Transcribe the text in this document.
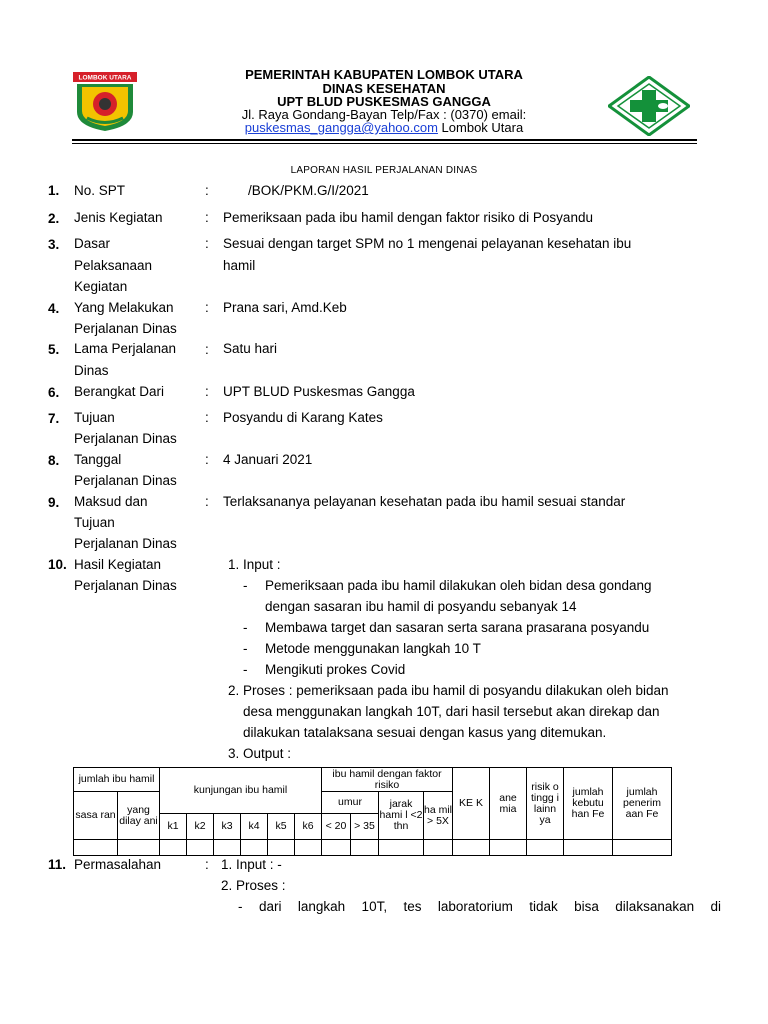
LOMBOK UTARA	PEMERINTAH KABUPATEN LOMBOK UTARA
DINAS KESEHATAN
UPT BLUD PUSKESMAS GANGGA
Jl. Raya Gondang-Bayan Telp/Fax : (0370) email:
puskesmas_gangga@yahoo.com Lombok Utara
LAPORAN HASIL PERJALANAN DINAS
1. No. SPT	:	/BOK/PKM.G/I/2021
2. Jenis Kegiatan	: Pemeriksaan pada ibu hamil dengan faktor risiko di Posyandu
3. Dasar
Pelaksanaan
Kegiatan
: Sesuai dengan target SPM no 1 mengenai pelayanan kesehatan ibu
hamil
4. Yang Melakukan
Perjalanan Dinas
: Prana sari, Amd.Keb
5. Lama Perjalanan
Dinas
: Satu hari
6. Berangkat Dari	: UPT BLUD Puskesmas Gangga
7. Tujuan
Perjalanan Dinas
: Posyandu di Karang Kates
8. Tanggal
Perjalanan Dinas
: 4 Januari 2021
9. Maksud dan
Tujuan
Perjalanan Dinas
: Terlaksananya pelayanan kesehatan pada ibu hamil sesuai standar
10. Hasil Kegiatan
Perjalanan Dinas
1. Input :
- Pemeriksaan pada ibu hamil dilakukan oleh bidan desa gondang
dengan sasaran ibu hamil di posyandu sebanyak 14
- Membawa target dan sasaran serta sarana prasarana posyandu
- Metode menggunakan langkah 10 T
- Mengikuti prokes Covid
2. Proses : pemeriksaan pada ibu hamil di posyandu dilakukan oleh bidan
desa menggunakan langkah 10T, dari hasil tersebut akan direkap dan
dilakukan tatalaksana sesuai dengan kasus yang ditemukan.
3. Output :
jumlah ibu hamil		kunjungan ibu hamil						ibu hamil dengan faktor risiko				KE K	ane mia	risik o tingg i lainn ya	jumlah kebutu han Fe	jumlah penerim aan Fe
sasa ran	yang dilay ani							umur		jarak hami l <2 thn	ha mil > 5X					
		k1	k2	k3	k4	k5	k6	< 20	> 35							

11. Permasalahan	: 1. Input : -
2. Proses :
- dari langkah 10T, tes laboratorium tidak bisa dilaksanakan di
